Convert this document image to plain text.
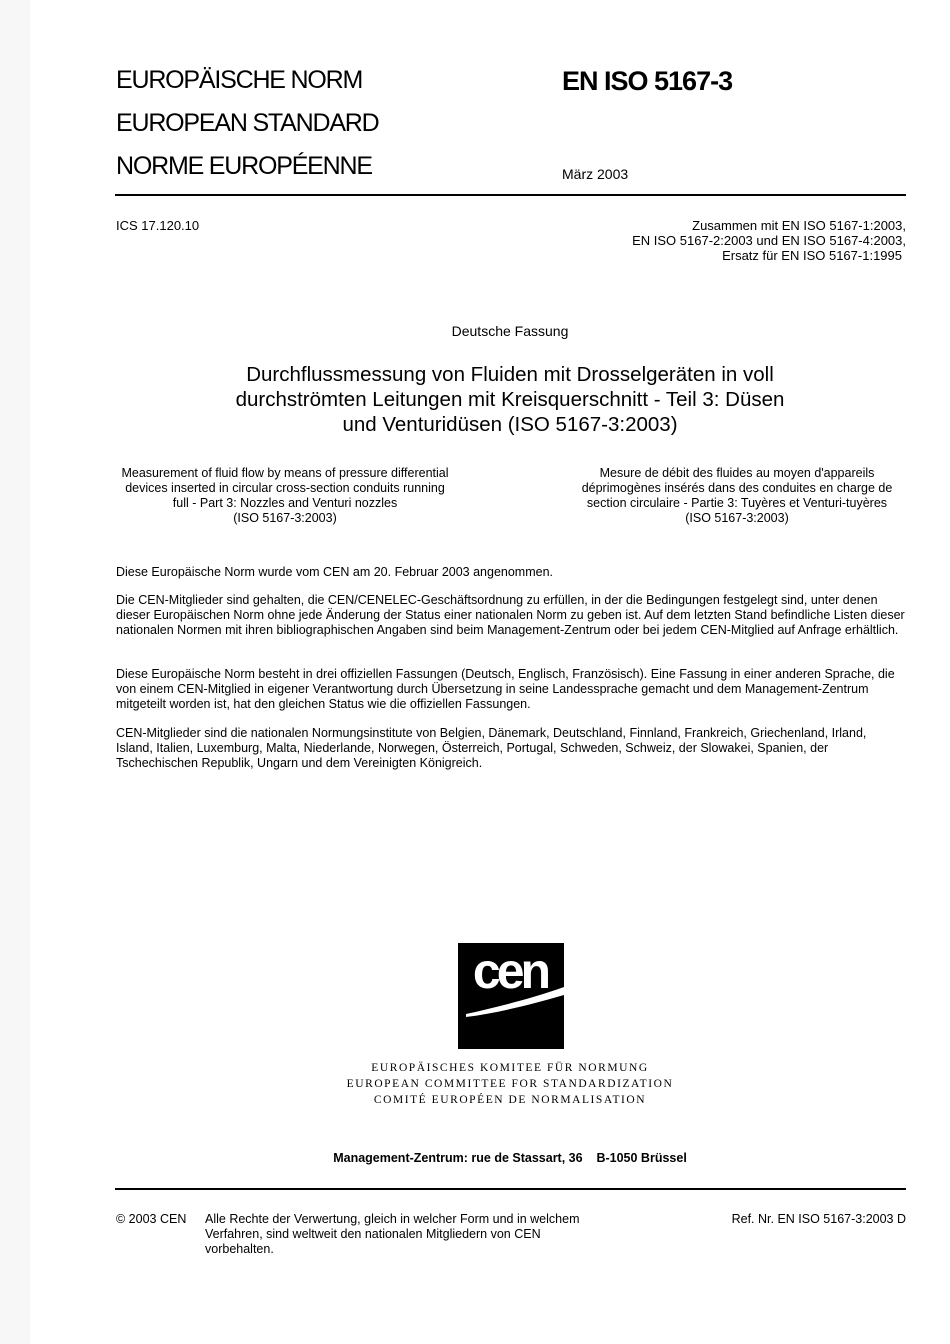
EUROPÄISCHE NORM
EUROPEAN STANDARD
NORME EUROPÉENNE
EN ISO 5167-3
März 2003
ICS 17.120.10	Zusammen mit EN ISO 5167-1:2003,
EN ISO 5167-2:2003 und EN ISO 5167-4:2003,
Ersatz für EN ISO 5167-1:1995
Deutsche Fassung
Durchflussmessung von Fluiden mit Drosselgeräten in voll
durchströmten Leitungen mit Kreisquerschnitt - Teil 3: Düsen
und Venturidüsen (ISO 5167-3:2003)
Measurement of fluid flow by means of pressure differential
devices inserted in circular cross-section conduits running
full - Part 3: Nozzles and Venturi nozzles
(ISO 5167-3:2003)
Mesure de débit des fluides au moyen d'appareils
déprimogènes insérés dans des conduites en charge de
section circulaire - Partie 3: Tuyères et Venturi-tuyères
(ISO 5167-3:2003)
Diese Europäische Norm wurde vom CEN am 20. Februar 2003 angenommen.
Die CEN-Mitglieder sind gehalten, die CEN/CENELEC-Geschäftsordnung zu erfüllen, in der die Bedingungen festgelegt sind, unter denen dieser Europäischen Norm ohne jede Änderung der Status einer nationalen Norm zu geben ist. Auf dem letzten Stand befindliche Listen dieser nationalen Normen mit ihren bibliographischen Angaben sind beim Management-Zentrum oder bei jedem CEN-Mitglied auf Anfrage erhältlich.
Diese Europäische Norm besteht in drei offiziellen Fassungen (Deutsch, Englisch, Französisch). Eine Fassung in einer anderen Sprache, die von einem CEN-Mitglied in eigener Verantwortung durch Übersetzung in seine Landessprache gemacht und dem Management-Zentrum mitgeteilt worden ist, hat den gleichen Status wie die offiziellen Fassungen.
CEN-Mitglieder sind die nationalen Normungsinstitute von Belgien, Dänemark, Deutschland, Finnland, Frankreich, Griechenland, Irland, Island, Italien, Luxemburg, Malta, Niederlande, Norwegen, Österreich, Portugal, Schweden, Schweiz, der Slowakei, Spanien, der Tschechischen Republik, Ungarn und dem Vereinigten Königreich.
cen
EUROPÄISCHES KOMITEE FÜR NORMUNG
EUROPEAN COMMITTEE FOR STANDARDIZATION
COMITÉ EUROPÉEN DE NORMALISATION
Management-Zentrum: rue de Stassart, 36    B-1050 Brüssel
© 2003 CEN Alle Rechte der Verwertung, gleich in welcher Form und in welchem
Verfahren, sind weltweit den nationalen Mitgliedern von CEN
vorbehalten.
Ref. Nr. EN ISO 5167-3:2003 D
